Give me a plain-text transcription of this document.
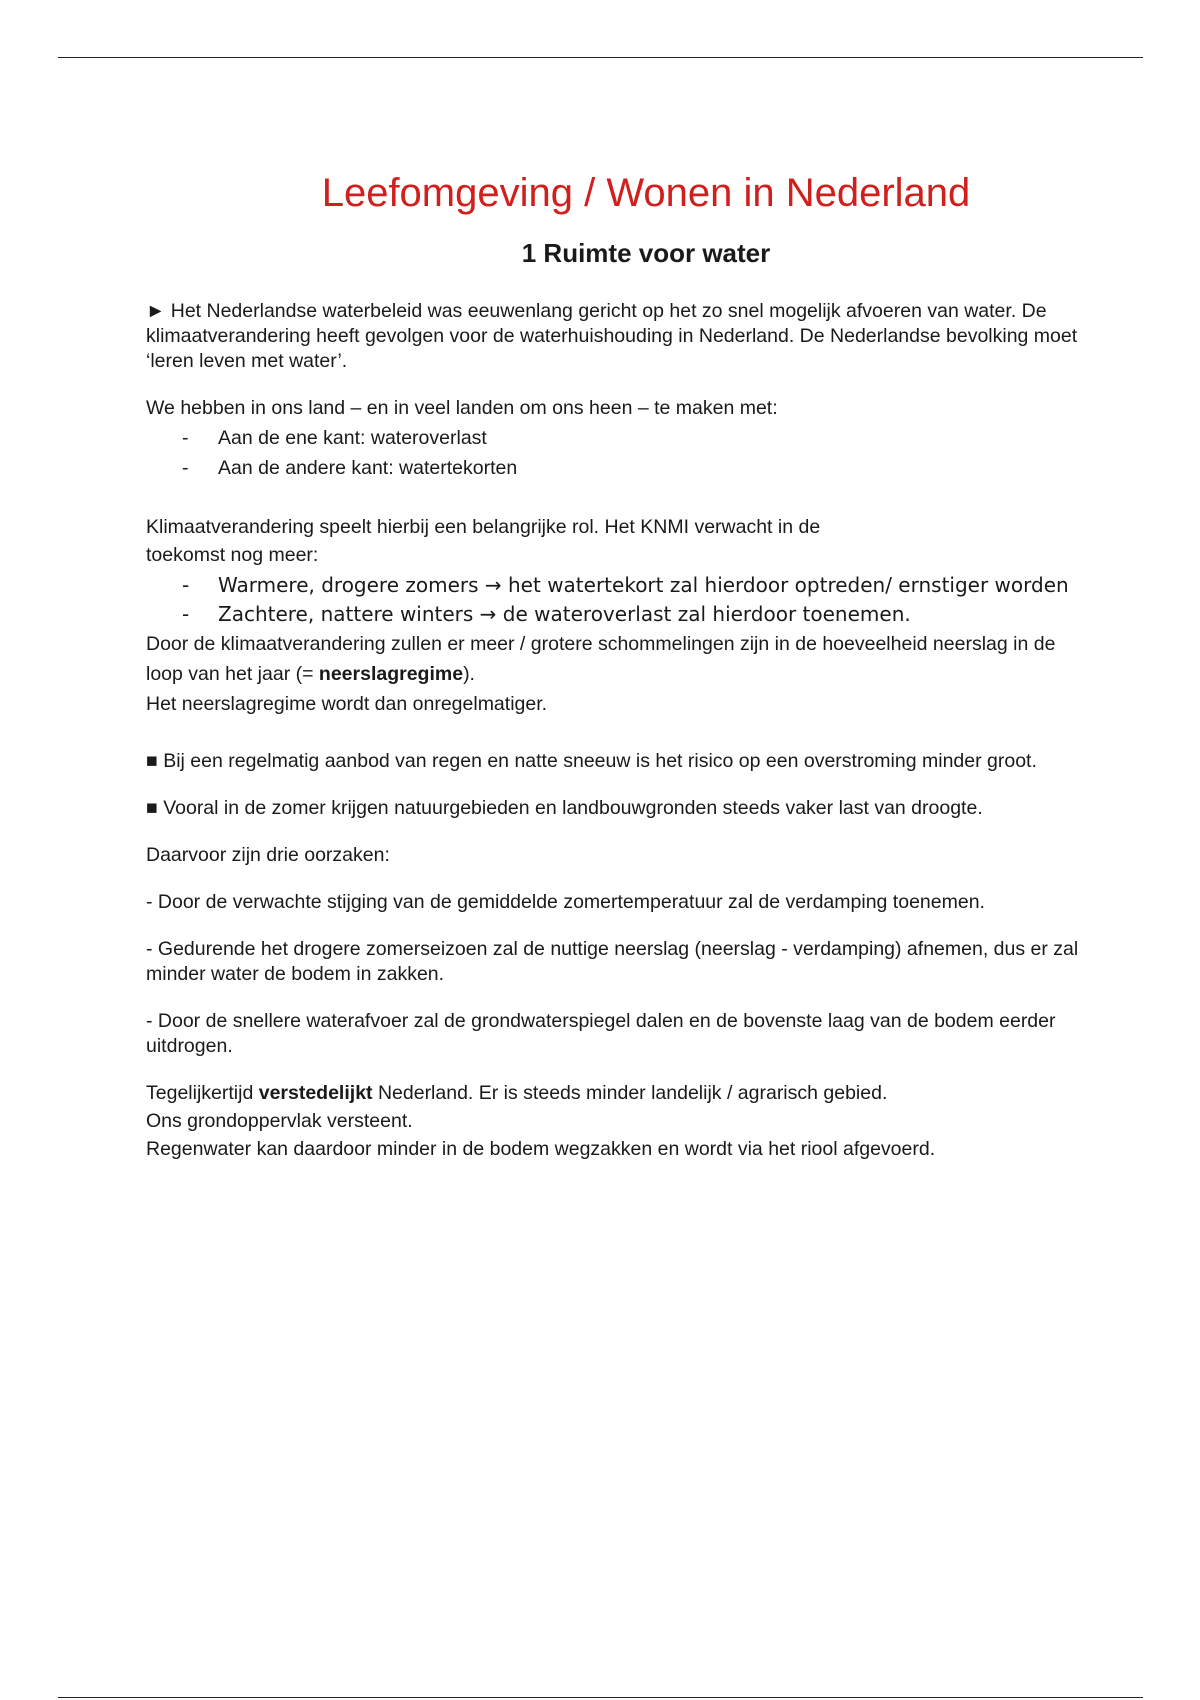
Leefomgeving / Wonen in Nederland
1 Ruimte voor water

► Het Nederlandse waterbeleid was eeuwenlang gericht op het zo snel mogelijk afvoeren van water. De klimaatverandering heeft gevolgen voor de waterhuishouding in Nederland. De Nederlandse bevolking moet ‘leren leven met water’.

We hebben in ons land – en in veel landen om ons heen – te maken met:

- Aan de ene kant: wateroverlast
- Aan de andere kant: watertekorten

Klimaatverandering speelt hierbij een belangrijke rol. Het KNMI verwacht in de
toekomst nog meer:

- Warmere, drogere zomers → het watertekort zal hierdoor optreden/ ernstiger worden
- Zachtere, nattere winters → de wateroverlast zal hierdoor toenemen.

Door de klimaatverandering zullen er meer / grotere schommelingen zijn in de hoeveelheid neerslag in de loop van het jaar (= neerslagregime).
Het neerslagregime wordt dan onregelmatiger.

■ Bij een regelmatig aanbod van regen en natte sneeuw is het risico op een overstroming minder groot.

■ Vooral in de zomer krijgen natuurgebieden en landbouwgronden steeds vaker last van droogte.

Daarvoor zijn drie oorzaken:

- Door de verwachte stijging van de gemiddelde zomertemperatuur zal de verdamping toenemen.

- Gedurende het drogere zomerseizoen zal de nuttige neerslag (neerslag - verdamping) afnemen, dus er zal minder water de bodem in zakken.

- Door de snellere waterafvoer zal de grondwaterspiegel dalen en de bovenste laag van de bodem eerder uitdrogen.

Tegelijkertijd verstedelijkt Nederland. Er is steeds minder landelijk / agrarisch gebied.
Ons grondoppervlak versteent.
Regenwater kan daardoor minder in de bodem wegzakken en wordt via het riool afgevoerd.
